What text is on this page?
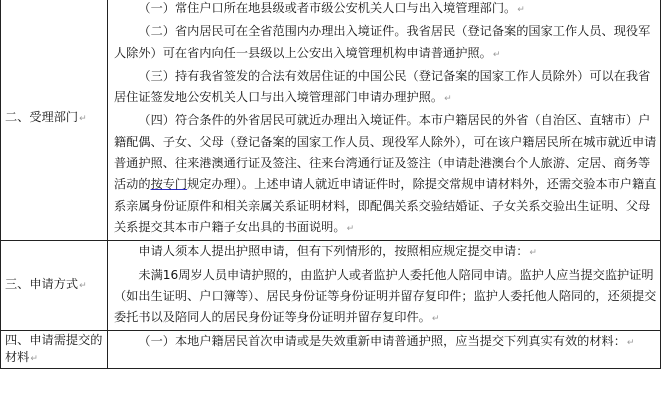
二、受理部门↵	（一）常住户口所在地县级或者市级公安机关人口与出入境管理部门。↵

（二）省内居民可在全省范围内办理出入境证件。我省居民（登记备案的国家工作人员、现役军人除外）可在省内向任一县级以上公安出入境管理机构申请普通护照。↵

（三）持有我省签发的合法有效居住证的中国公民（登记备案的国家工作人员除外）可以在我省居住证签发地公安机关人口与出入境管理部门申请办理护照。↵

（四）符合条件的外省居民可就近办理出入境证件。本市户籍居民的外省（自治区、直辖市）户籍配偶、子女、父母（登记备案的国家工作人员、现役军人除外），可在该户籍居民所在城市就近申请普通护照、往来港澳通行证及签注、往来台湾通行证及签注（申请赴港澳台个人旅游、定居、商务等活动的按专门规定办理）。上述申请人就近申请证件时，除提交常规申请材料外，还需交验本市户籍直系亲属身份证原件和相关亲属关系证明材料，即配偶关系交验结婚证、子女关系交验出生证明、父母关系提交其本市户籍子女出具的书面说明。↵

三、申请方式↵	申请人须本人提出护照申请，但有下列情形的，按照相应规定提交申请：↵

未满16周岁人员申请护照的，由监护人或者监护人委托他人陪同申请。监护人应当提交监护证明（如出生证明、户口簿等）、居民身份证等身份证明并留存复印件；监护人委托他人陪同的，还须提交委托书以及陪同人的居民身份证等身份证明并留存复印件。↵

四、申请需提交的材料↵	（一）本地户籍居民首次申请或是失效重新申请普通护照，应当提交下列真实有效的材料：↵
